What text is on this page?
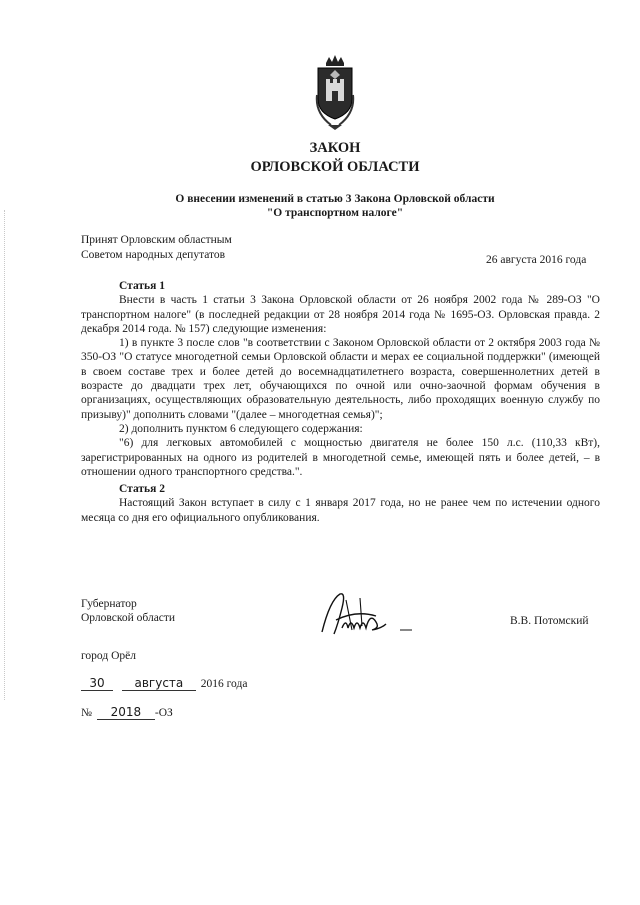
ЗАКОН
ОРЛОВСКОЙ ОБЛАСТИ
О внесении изменений в статью 3 Закона Орловской области
"О транспортном налоге"
Принят Орловским областным
Советом народных депутатов	26 августа 2016 года

Статья 1

Внести в часть 1 статьи 3 Закона Орловской области от 26 ноября 2002 года № 289-ОЗ "О транспортном налоге" (в последней редакции от 28 ноября 2014 года № 1695-ОЗ. Орловская правда. 2 декабря 2014 года. № 157) следующие изменения:

1) в пункте 3 после слов "в соответствии с Законом Орловской области от 2 октября 2003 года № 350-ОЗ "О статусе многодетной семьи Орловской области и мерах ее социальной поддержки" (имеющей в своем составе трех и более детей до восемнадцатилетнего возраста, совершеннолетних детей в возрасте до двадцати трех лет, обучающихся по очной или очно-заочной формам обучения в организациях, осуществляющих образовательную деятельность, либо проходящих военную службу по призыву)" дополнить словами "(далее – многодетная семья)";

2) дополнить пунктом 6 следующего содержания:

"6) для легковых автомобилей с мощностью двигателя не более 150 л.с. (110,33 кВт), зарегистрированных на одного из родителей в многодетной семье, имеющей пять и более детей, – в отношении одного транспортного средства.".

Статья 2

Настоящий Закон вступает в силу с 1 января 2017 года, но не ранее чем по истечении одного месяца со дня его официального опубликования.

Губернатор
Орловской области	В.В. Потомский
город Орёл
30 августа 2016 года
№ 2018 -ОЗ
